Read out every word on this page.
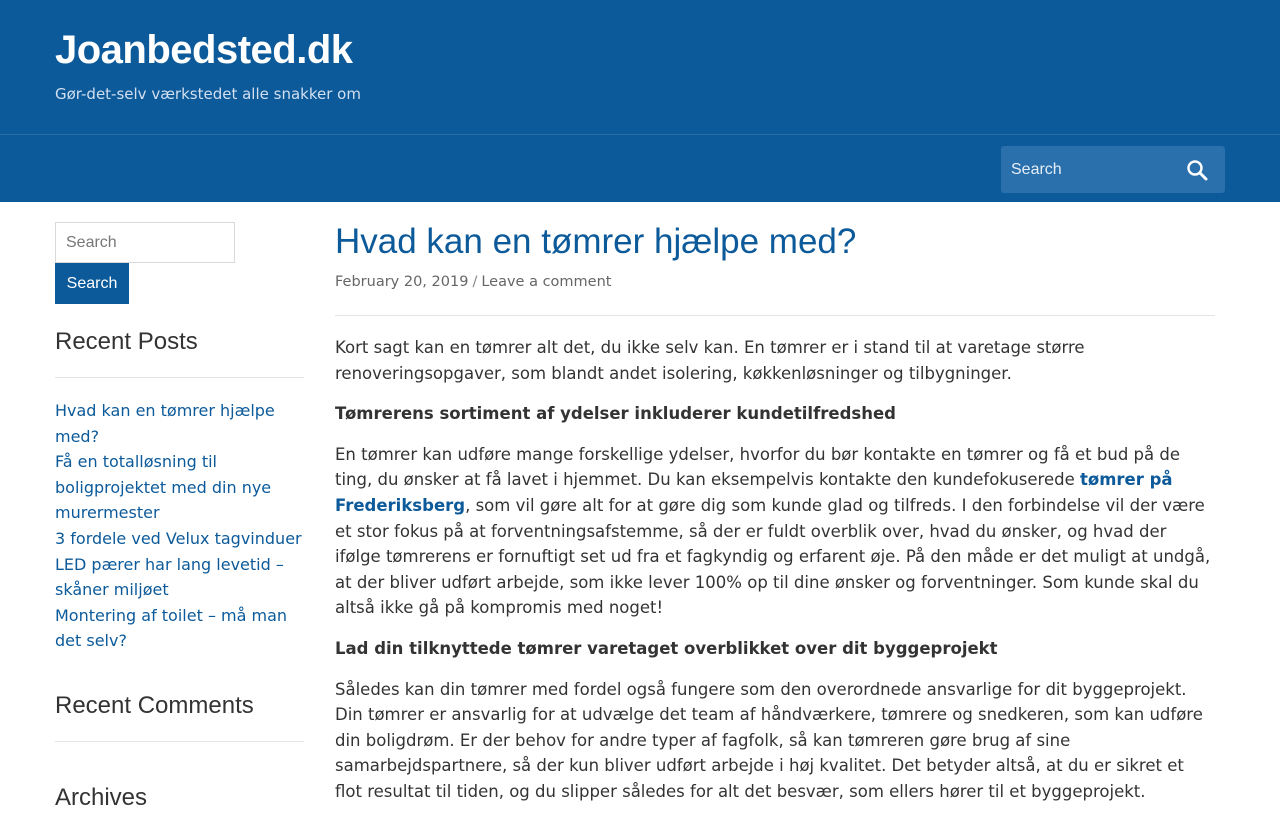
Joanbedsted.dk
Gør-det-selv værkstedet alle snakker om
Search
Search
Search
Recent Posts
Hvad kan en tømrer hjælpe med?
Få en totalløsning til boligprojektet med din nye murermester
3 fordele ved Velux tagvinduer
LED pærer har lang levetid – skåner miljøet
Montering af toilet – må man det selv?
Recent Comments
Archives
Hvad kan en tømrer hjælpe med?
February 20, 2019 / Leave a comment

Kort sagt kan en tømrer alt det, du ikke selv kan. En tømrer er i stand til at varetage større renoveringsopgaver, som blandt andet isolering, køkkenløsninger og tilbygninger.

Tømrerens sortiment af ydelser inkluderer kundetilfredshed

En tømrer kan udføre mange forskellige ydelser, hvorfor du bør kontakte en tømrer og få et bud på de ting, du ønsker at få lavet i hjemmet. Du kan eksempelvis kontakte den kundefokuserede tømrer på Frederiksberg, som vil gøre alt for at gøre dig som kunde glad og tilfreds. I den forbindelse vil der være et stor fokus på at forventningsafstemme, så der er fuldt overblik over, hvad du ønsker, og hvad der ifølge tømrerens er fornuftigt set ud fra et fagkyndig og erfarent øje. På den måde er det muligt at undgå, at der bliver udført arbejde, som ikke lever 100% op til dine ønsker og forventninger. Som kunde skal du altså ikke gå på kompromis med noget!

Lad din tilknyttede tømrer varetaget overblikket over dit byggeprojekt

Således kan din tømrer med fordel også fungere som den overordnede ansvarlige for dit byggeprojekt. Din tømrer er ansvarlig for at udvælge det team af håndværkere, tømrere og snedkeren, som kan udføre din boligdrøm. Er der behov for andre typer af fagfolk, så kan tømreren gøre brug af sine samarbejdspartnere, så der kun bliver udført arbejde i høj kvalitet. Det betyder altså, at du er sikret et flot resultat til tiden, og du slipper således for alt det besvær, som ellers hører til et byggeprojekt.
